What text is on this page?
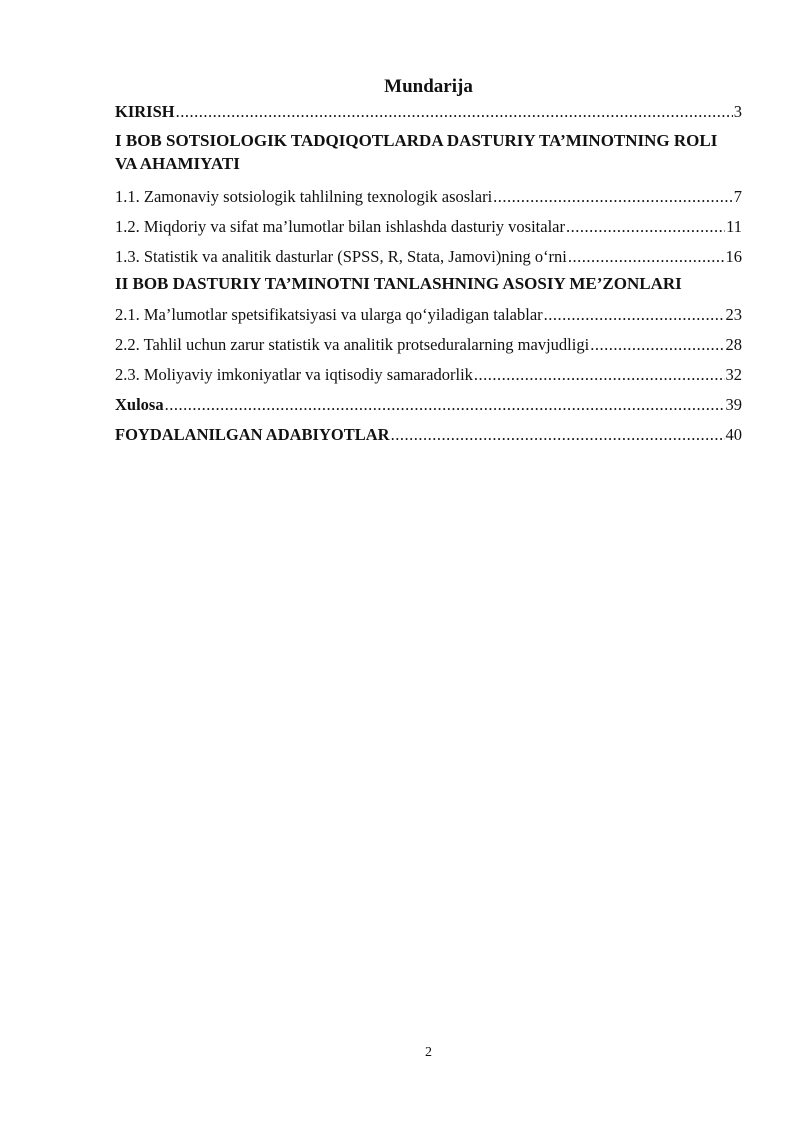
Mundarija
KIRISH .....	3
I BOB SOTSIOLOGIK TADQIQOTLARDA DASTURIY TA’MINOTNING ROLI VA AHAMIYATI
1.1. Zamonaviy sotsiologik tahlilning texnologik asoslari .....	7
1.2. Miqdoriy va sifat ma’lumotlar bilan ishlashda dasturiy vositalar .....	11
1.3. Statistik va analitik dasturlar (SPSS, R, Stata, Jamovi)ning o‘rni .....	16
II BOB DASTURIY TA’MINOTNI TANLASHNING ASOSIY ME’ZONLARI
2.1. Ma’lumotlar spetsifikatsiyasi va ularga qo‘yiladigan talablar .....	23
2.2. Tahlil uchun zarur statistik va analitik protseduralarning mavjudligi .....	28
2.3. Moliyaviy imkoniyatlar va iqtisodiy samaradorlik .....	32
Xulosa .....	39
FOYDALANILGAN ADABIYOTLAR .....	40
2
